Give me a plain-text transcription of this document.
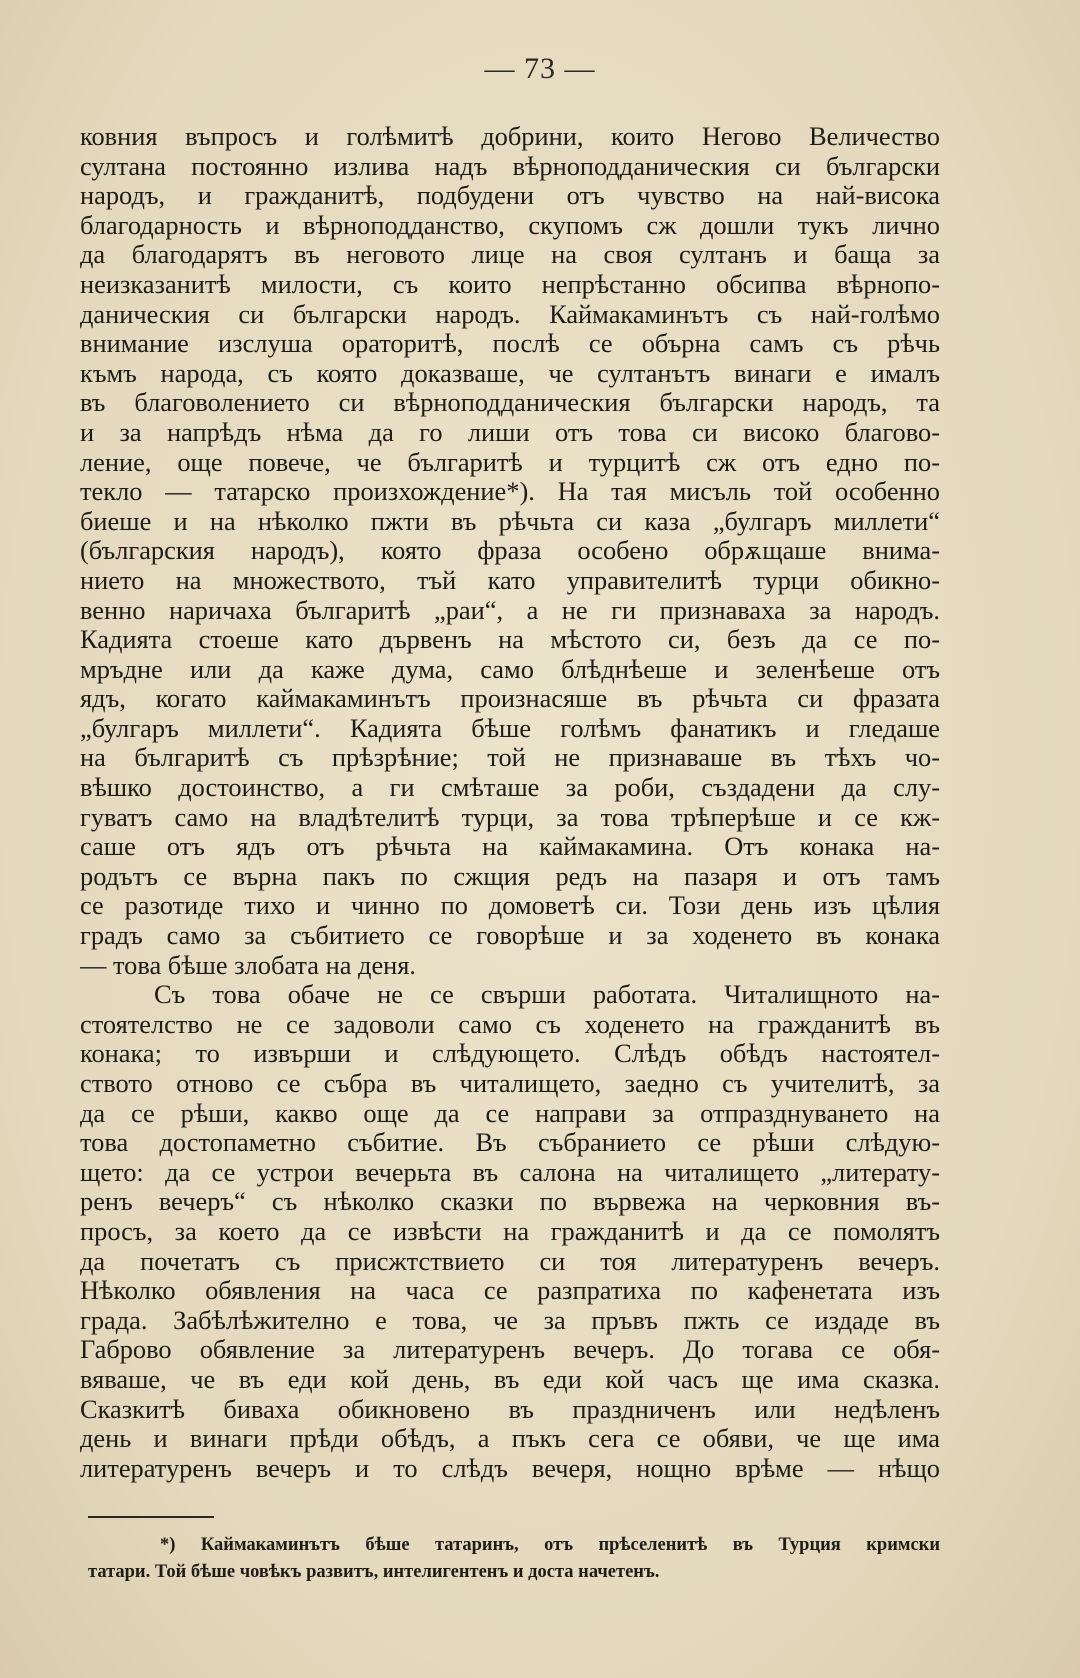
— 73 —
ковния въпросъ и голѣмитѣ добрини, които Негово Величество
султана постоянно излива надъ вѣрноподданическия си български
народъ, и гражданитѣ, подбудени отъ чувство на най-висока
благодарность и вѣрноподданство, скупомъ сж дошли тукъ лично
да благодарятъ въ неговото лице на своя султанъ и баща за
неизказанитѣ милости, съ които непрѣстанно обсипва вѣрнопо-
даническия си български народъ. Каймакаминътъ съ най-голѣмо
внимание изслуша ораторитѣ, послѣ се обърна самъ съ рѣчь
къмъ народа, съ която доказваше, че султанътъ винаги е ималъ
въ благоволението си вѣрноподданическия български народъ, та
и за напрѣдъ нѣма да го лиши отъ това си високо благово-
ление, още повече, че българитѣ и турцитѣ сж отъ едно по-
текло — татарско произхождение*). На тая мисъль той особенно
биеше и на нѣколко пжти въ рѣчьта си каза „булгаръ миллети“
(българския народъ), която фраза особено обрѫщаше внима-
нието на множеството, тъй като управителитѣ турци обикно-
венно наричаха българитѣ „раи“, а не ги признаваха за народъ.
Кадията стоеше като дървенъ на мѣстото си, безъ да се по-
мръдне или да каже дума, само блѣднѣеше и зеленѣеше отъ
ядъ, когато каймакаминътъ произнасяше въ рѣчьта си фразата
„булгаръ миллети“. Кадията бѣше голѣмъ фанатикъ и гледаше
на българитѣ съ прѣзрѣние; той не признаваше въ тѣхъ чо-
вѣшко достоинство, а ги смѣташе за роби, създадени да слу-
гуватъ само на владѣтелитѣ турци, за това трѣперѣше и се кж-
саше отъ ядъ отъ рѣчьта на каймакамина. Отъ конака на-
родътъ се върна пакъ по сжщия редъ на пазаря и отъ тамъ
се разотиде тихо и чинно по домоветѣ си. Този день изъ цѣлия
градъ само за събитието се говорѣше и за ходенето въ конака
— това бѣше злобата на деня.
Съ това обаче не се свърши работата. Читалищното на-
стоятелство не се задоволи само съ ходенето на гражданитѣ въ
конака; то извърши и слѣдующето. Слѣдъ обѣдъ настоятел-
ството отново се събра въ читалището, заедно съ учителитѣ, за
да се рѣши, какво още да се направи за отпразднуването на
това достопаметно събитие. Въ събранието се рѣши слѣдую-
щето: да се устрои вечерьта въ салона на читалището „литерату-
ренъ вечеръ“ съ нѣколко сказки по вървежа на черковния въ-
просъ, за което да се извѣсти на гражданитѣ и да се помолятъ
да почетатъ съ присжтствието си тоя литературенъ вечеръ.
Нѣколко обявления на часа се разпратиха по кафенетата изъ
града. Забѣлѣжително е това, че за пръвъ пжть се издаде въ
Габрово обявление за литературенъ вечеръ. До тогава се обя-
вяваше, че въ еди кой день, въ еди кой часъ ще има сказка.
Сказкитѣ биваха обикновено въ праздниченъ или недѣленъ
день и винаги прѣди обѣдъ, а пъкъ сега се обяви, че ще има
литературенъ вечеръ и то слѣдъ вечеря, нощно врѣме — нѣщо
*) Каймакаминътъ бѣше татаринъ, отъ прѣселенитѣ въ Турция кримски
татари. Той бѣше човѣкъ развитъ, интелигентенъ и доста начетенъ.
